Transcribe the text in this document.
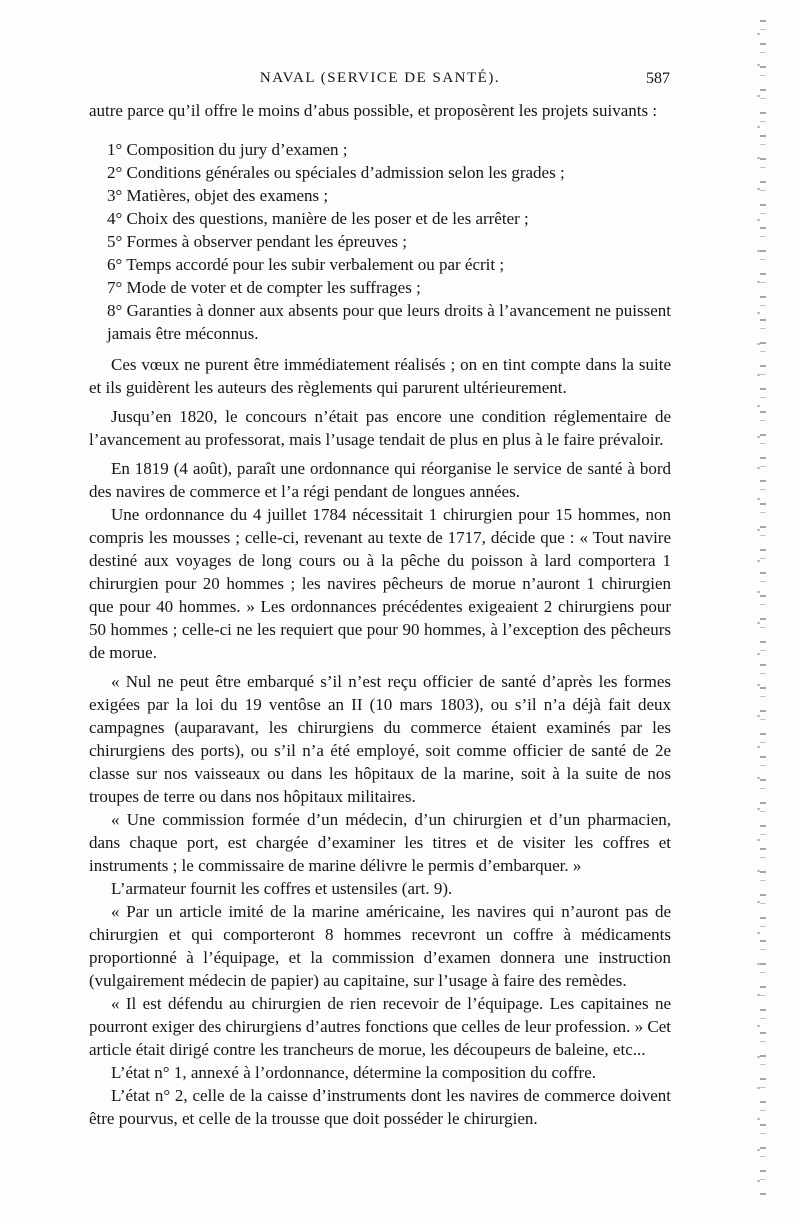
NAVAL (SERVICE DE SANTÉ).	587

autre parce qu’il offre le moins d’abus possible, et proposèrent les projets suivants :

1° Composition du jury d’examen ;
2° Conditions générales ou spéciales d’admission selon les grades ;
3° Matières, objet des examens ;
4° Choix des questions, manière de les poser et de les arrêter ;
5° Formes à observer pendant les épreuves ;
6° Temps accordé pour les subir verbalement ou par écrit ;
7° Mode de voter et de compter les suffrages ;
8° Garanties à donner aux absents pour que leurs droits à l’avancement ne puissent jamais être méconnus.

Ces vœux ne purent être immédiatement réalisés ; on en tint compte dans la suite et ils guidèrent les auteurs des règlements qui parurent ultérieurement.

Jusqu’en 1820, le concours n’était pas encore une condition réglementaire de l’avancement au professorat, mais l’usage tendait de plus en plus à le faire prévaloir.

En 1819 (4 août), paraît une ordonnance qui réorganise le service de santé à bord des navires de commerce et l’a régi pendant de longues années.

Une ordonnance du 4 juillet 1784 nécessitait 1 chirurgien pour 15 hommes, non compris les mousses ; celle-ci, revenant au texte de 1717, décide que : « Tout navire destiné aux voyages de long cours ou à la pêche du poisson à lard comportera 1 chirurgien pour 20 hommes ; les navires pêcheurs de morue n’auront 1 chirurgien que pour 40 hommes. » Les ordonnances précédentes exigeaient 2 chirurgiens pour 50 hommes ; celle-ci ne les requiert que pour 90 hommes, à l’exception des pêcheurs de morue.

« Nul ne peut être embarqué s’il n’est reçu officier de santé d’après les formes exigées par la loi du 19 ventôse an II (10 mars 1803), ou s’il n’a déjà fait deux campagnes (auparavant, les chirurgiens du commerce étaient examinés par les chirurgiens des ports), ou s’il n’a été employé, soit comme officier de santé de 2e classe sur nos vaisseaux ou dans les hôpitaux de la marine, soit à la suite de nos troupes de terre ou dans nos hôpitaux militaires.

« Une commission formée d’un médecin, d’un chirurgien et d’un pharmacien, dans chaque port, est chargée d’examiner les titres et de visiter les coffres et instruments ; le commissaire de marine délivre le permis d’embarquer. »

L’armateur fournit les coffres et ustensiles (art. 9).

« Par un article imité de la marine américaine, les navires qui n’auront pas de chirurgien et qui comporteront 8 hommes recevront un coffre à médicaments proportionné à l’équipage, et la commission d’examen donnera une instruction (vulgairement médecin de papier) au capitaine, sur l’usage à faire des remèdes.

« Il est défendu au chirurgien de rien recevoir de l’équipage. Les capitaines ne pourront exiger des chirurgiens d’autres fonctions que celles de leur profession. » Cet article était dirigé contre les trancheurs de morue, les découpeurs de baleine, etc...

L’état n° 1, annexé à l’ordonnance, détermine la composition du coffre.

L’état n° 2, celle de la caisse d’instruments dont les navires de commerce doivent être pourvus, et celle de la trousse que doit posséder le chirurgien.
